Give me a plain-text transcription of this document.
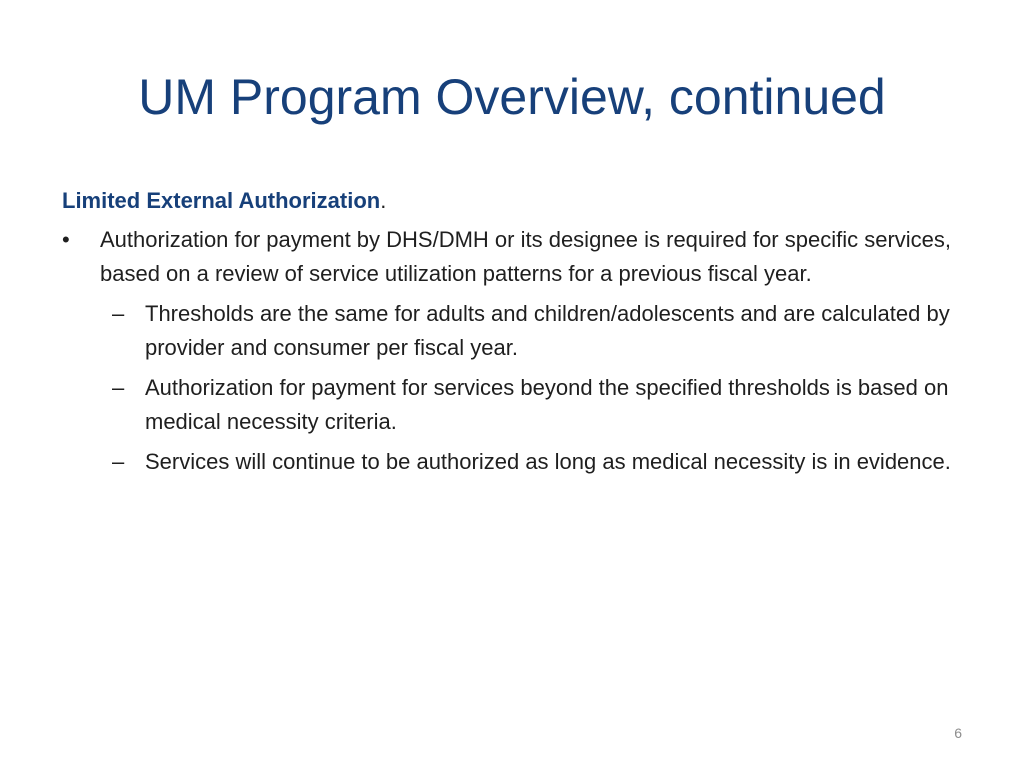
UM Program Overview, continued
Limited External Authorization.
•	Authorization for payment by DHS/DMH or its designee is required for specific services, based on a review of service utilization patterns for a previous fiscal year.
– Thresholds are the same for adults and children/adolescents and are calculated by provider and consumer per fiscal year.
– Authorization for payment for services beyond the specified thresholds is based on medical necessity criteria.
– Services will continue to be authorized as long as medical necessity is in evidence.
6
